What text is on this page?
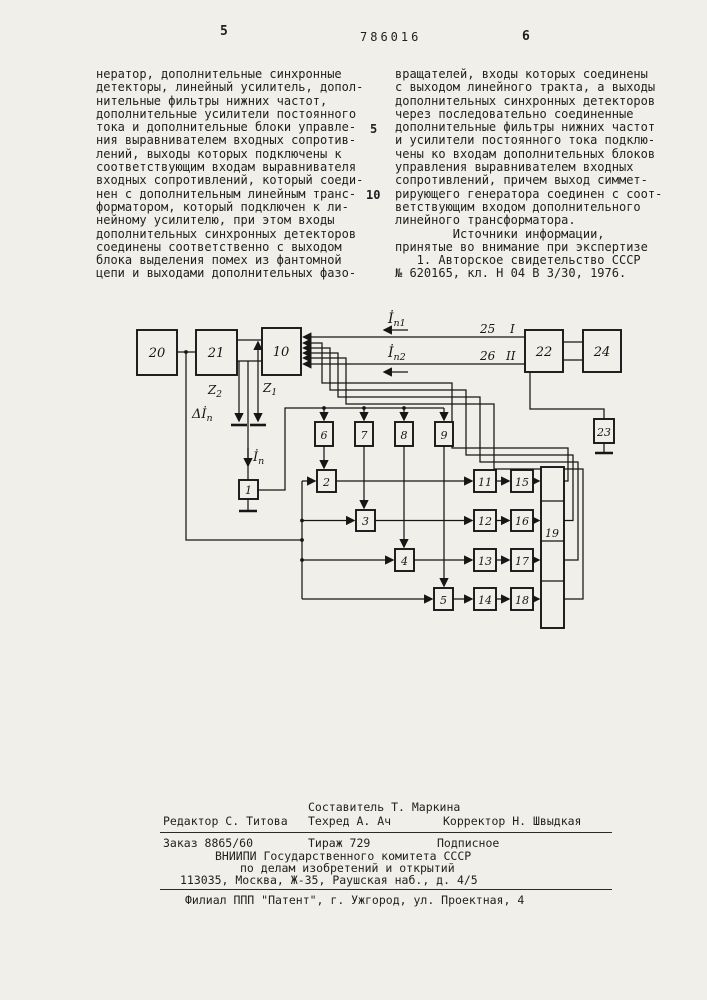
5	786016	6
нератор, дополнительные синхронные
детекторы, линейный усилитель, допол-
нительные фильтры нижних частот,
дополнительные усилители постоянного
тока и дополнительные блоки управле-
ния выравнивателем входных сопротив-
лений, выходы которых подключены к
соответствующим входам выравнивателя
входных сопротивлений, который соеди-
нен с дополнительным линейным транс-
форматором, который подключен к ли-
нейному усилителю, при этом входы
дополнительных синхронных детекторов
соединены соответственно с выходом
блока выделения помех из фантомной
цепи и выходами дополнительных фазо-
вращателей, входы которых соединены
с выходом линейного тракта, а выходы
дополнительных синхронных детекторов
через последовательно соединенные
дополнительные фильтры нижних частот
и усилители постоянного тока подклю-
чены ко входам дополнительных блоков
управления выравнивателем входных
сопротивлений, причем выход симмет-
рирующего генератора соединен с соот-
ветствующим входом дополнительного
линейного трансформатора.
Источники информации,
принятые во внимание при экспертизе
1. Авторское свидетельство СССР
№ 620165, кл. Н 04 В 3/30, 1976.
5
10
20	21	10	22	24
23
6	7	8	9
1
2
3
4
5
11
12
13
14
15
16
17
18
19
$İ_{п1}$
$İ_{п2}$
25 I
26 II
$Z_2$	$Z_1$
$\Delta İ_п$
$İ_п$
Составитель Т. Маркина
Редактор С. Титова Техред А. Ач	Корректор Н. Швыдкая
Заказ 8865/60	Тираж 729	Подписное
ВНИИПИ Государственного комитета СССР
по делам изобретений и открытий
113035, Москва, Ж-35, Раушская наб., д. 4/5
Филиал ППП "Патент", г. Ужгород, ул. Проектная, 4
